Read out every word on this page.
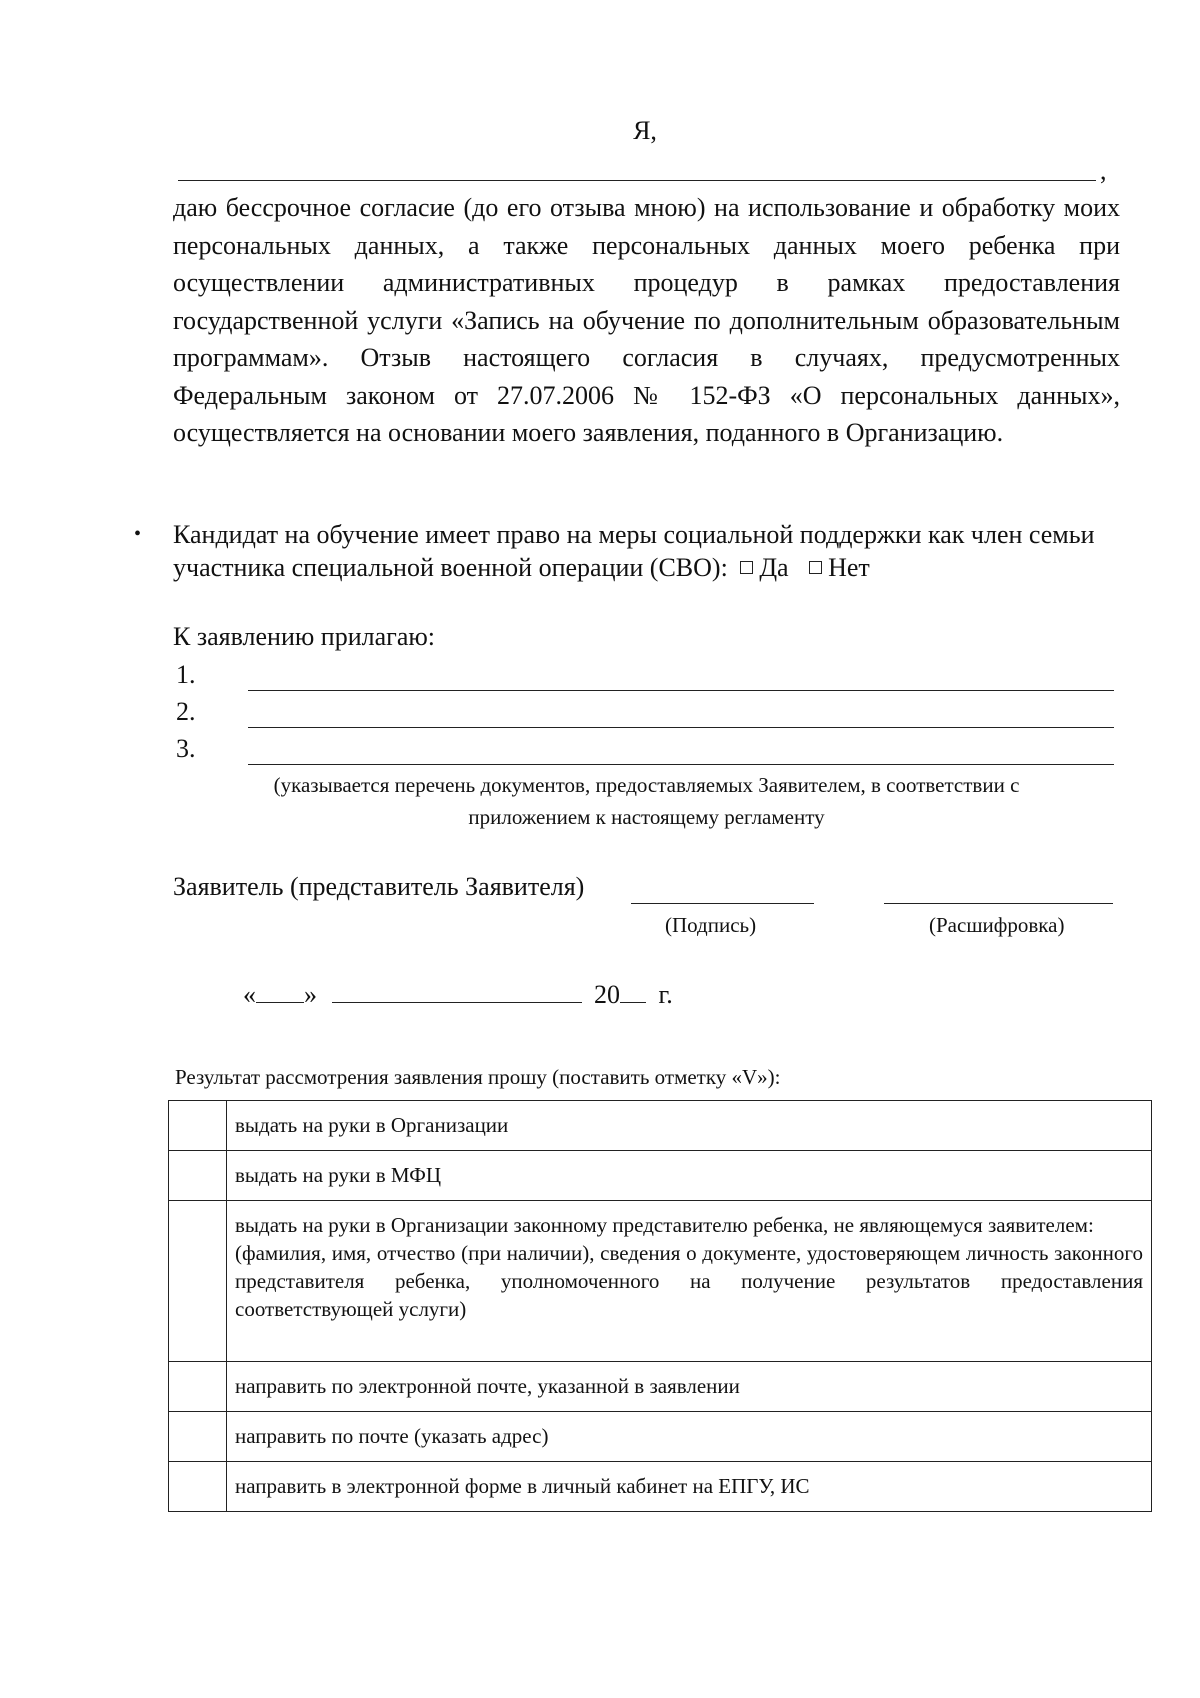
Я,
,

даю бессрочное согласие (до его отзыва мною) на использование и обработку моих персональных данных, а также персональных данных моего ребенка при осуществлении административных процедур в рамках предоставления государственной услуги «Запись на обучение по дополнительным образовательным программам». Отзыв настоящего согласия в случаях, предусмотренных Федеральным законом от 27.07.2006 № 152-ФЗ «О персональных данных», осуществляется на основании моего заявления, поданного в Организацию.

• Кандидат на обучение имеет право на меры социальной поддержки как член семьи участника специальной военной операции (СВО): Да Нет
К заявлению прилагаю:
1.
2.
3.
(указывается перечень документов, предоставляемых Заявителем, в соответствии с
приложением к настоящему регламенту
Заявитель (представитель Заявителя)
(Подпись)	(Расшифровка)
« »	20 г.
Результат рассмотрения заявления прошу (поставить отметку «V»):
	выдать на руки в Организации
	выдать на руки в МФЦ

	выдать на руки в Организации законному представителю ребенка, не являющемуся заявителем:
(фамилия, имя, отчество (при наличии), сведения о документе, удостоверяющем личность законного представителя ребенка, уполномоченного на получение результатов предоставления соответствующей услуги)

	направить по электронной почте, указанной в заявлении
	направить по почте (указать адрес)
	направить в электронной форме в личный кабинет на ЕПГУ, ИС
